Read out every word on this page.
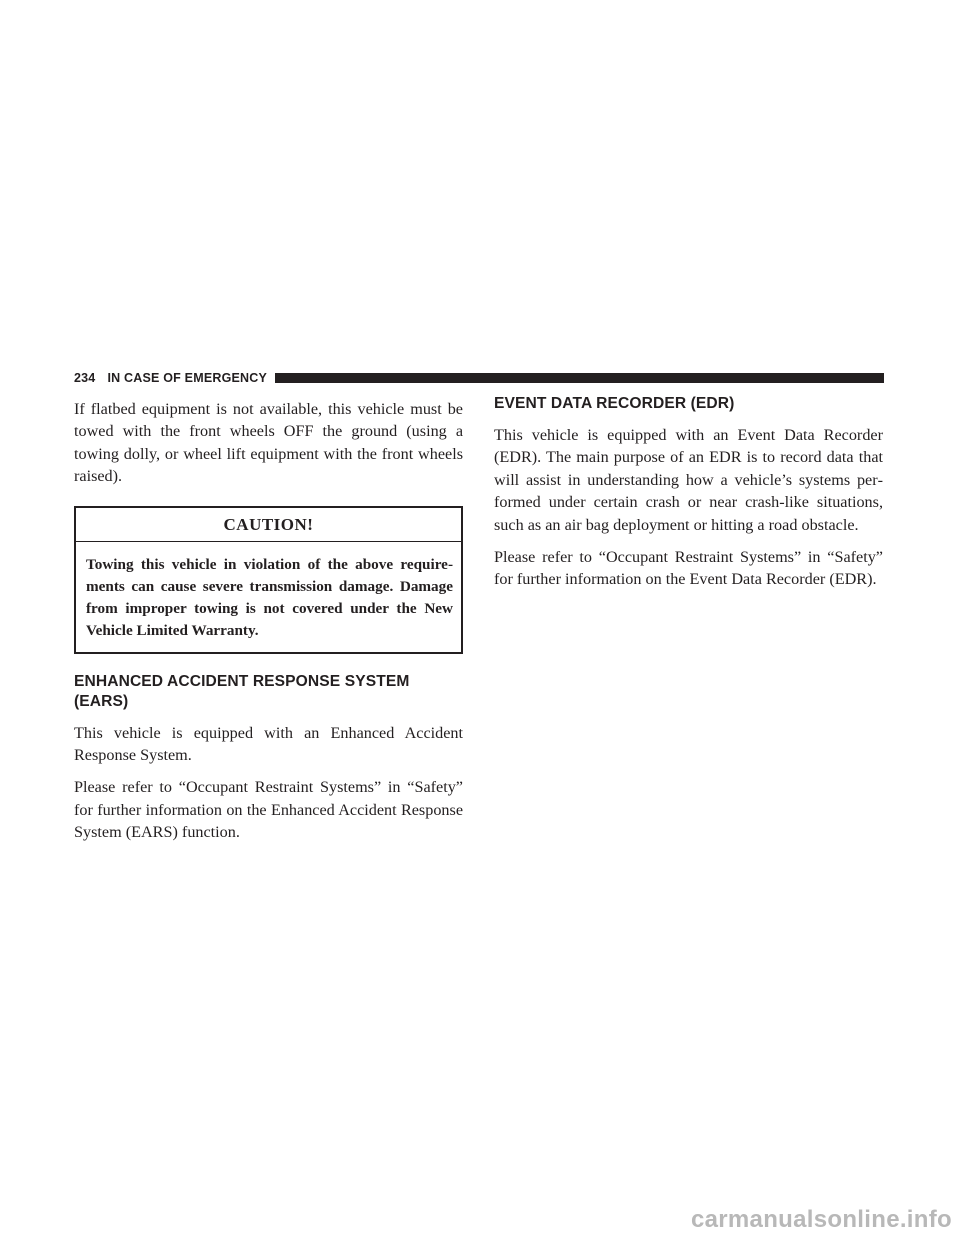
234 IN CASE OF EMERGENCY

If flatbed equipment is not available, this vehicle must be towed with the front wheels OFF the ground (using a towing dolly, or wheel lift equipment with the front wheels raised).

CAUTION!
Towing this vehicle in violation of the above requirements can cause severe transmission damage. Damage from improper towing is not covered under the New Vehicle Limited Warranty.
ENHANCED ACCIDENT RESPONSE SYSTEM (EARS)

This vehicle is equipped with an Enhanced Accident Response System.

Please refer to “Occupant Restraint Systems” in “Safety” for further information on the Enhanced Accident Response System (EARS) function.

EVENT DATA RECORDER (EDR)

This vehicle is equipped with an Event Data Recorder (EDR). The main purpose of an EDR is to record data that will assist in understanding how a vehicle’s systems performed under certain crash or near crash-like situations, such as an air bag deployment or hitting a road obstacle.

Please refer to “Occupant Restraint Systems” in “Safety” for further information on the Event Data Recorder (EDR).

carmanualsonline.info
